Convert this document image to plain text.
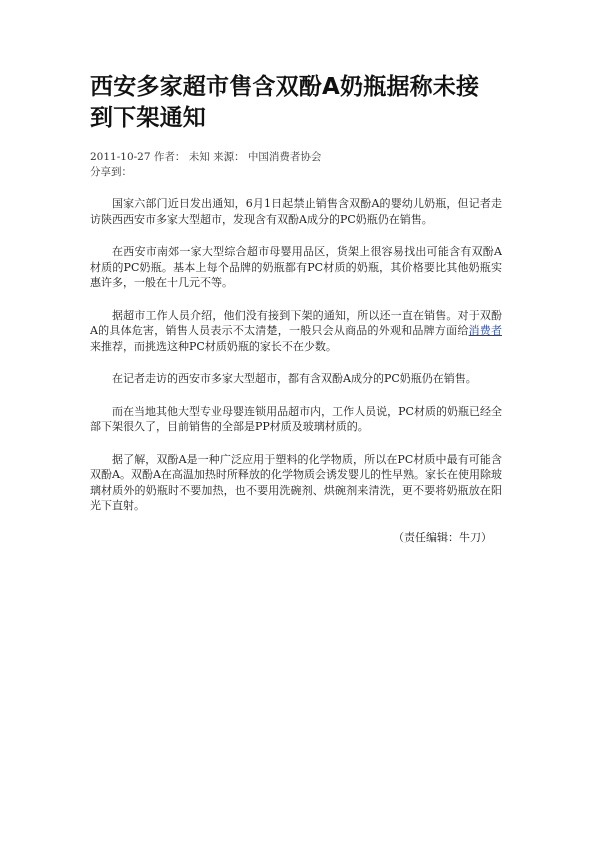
西安多家超市售含双酚A奶瓶据称未接到下架通知
2011-10-27 作者： 未知 来源： 中国消费者协会
分享到：

国家六部门近日发出通知，6月1日起禁止销售含双酚A的婴幼儿奶瓶，但记者走访陕西西安市多家大型超市，发现含有双酚A成分的PC奶瓶仍在销售。

在西安市南郊一家大型综合超市母婴用品区，货架上很容易找出可能含有双酚A材质的PC奶瓶。基本上每个品牌的奶瓶都有PC材质的奶瓶，其价格要比其他奶瓶实惠许多，一般在十几元不等。

据超市工作人员介绍，他们没有接到下架的通知，所以还一直在销售。对于双酚A的具体危害，销售人员表示不太清楚，一般只会从商品的外观和品牌方面给消费者来推荐，而挑选这种PC材质奶瓶的家长不在少数。

在记者走访的西安市多家大型超市，都有含双酚A成分的PC奶瓶仍在销售。

而在当地其他大型专业母婴连锁用品超市内，工作人员说，PC材质的奶瓶已经全部下架很久了，目前销售的全部是PP材质及玻璃材质的。

据了解，双酚A是一种广泛应用于塑料的化学物质，所以在PC材质中最有可能含双酚A。双酚A在高温加热时所释放的化学物质会诱发婴儿的性早熟。家长在使用除玻璃材质外的奶瓶时不要加热，也不要用洗碗剂、烘碗剂来清洗，更不要将奶瓶放在阳光下直射。

（责任编辑：牛刀）
